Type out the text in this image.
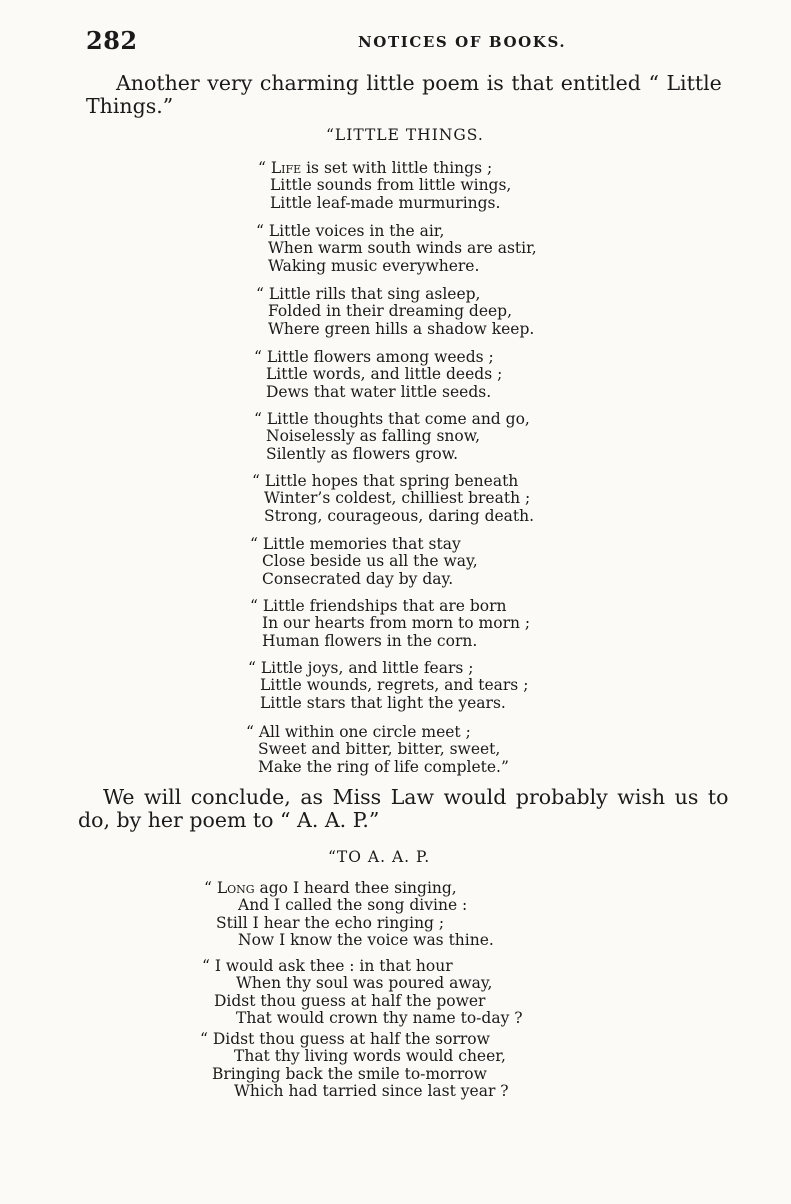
282	NOTICES OF BOOKS.
Another very charming little poem is that entitled “ Little
Things.”
“LITTLE THINGS.
“ Life is set with little things ;
Little sounds from little wings,
Little leaf-made murmurings.
“ Little voices in the air,
When warm south winds are astir,
Waking music everywhere.
“ Little rills that sing asleep,
Folded in their dreaming deep,
Where green hills a shadow keep.
“ Little flowers among weeds ;
Little words, and little deeds ;
Dews that water little seeds.
“ Little thoughts that come and go,
Noiselessly as falling snow,
Silently as flowers grow.
“ Little hopes that spring beneath
Winter’s coldest, chilliest breath ;
Strong, courageous, daring death.
“ Little memories that stay
Close beside us all the way,
Consecrated day by day.
“ Little friendships that are born
In our hearts from morn to morn ;
Human flowers in the corn.
“ Little joys, and little fears ;
Little wounds, regrets, and tears ;
Little stars that light the years.
“ All within one circle meet ;
Sweet and bitter, bitter, sweet,
Make the ring of life complete.”
We will conclude, as Miss Law would probably wish us to
do, by her poem to “ A. A. P.”
“TO A. A. P.
“ Long ago I heard thee singing,
And I called the song divine :
Still I hear the echo ringing ;
Now I know the voice was thine.
“ I would ask thee : in that hour
When thy soul was poured away,
Didst thou guess at half the power
That would crown thy name to-day ?
“ Didst thou guess at half the sorrow
That thy living words would cheer,
Bringing back the smile to-morrow
Which had tarried since last year ?
